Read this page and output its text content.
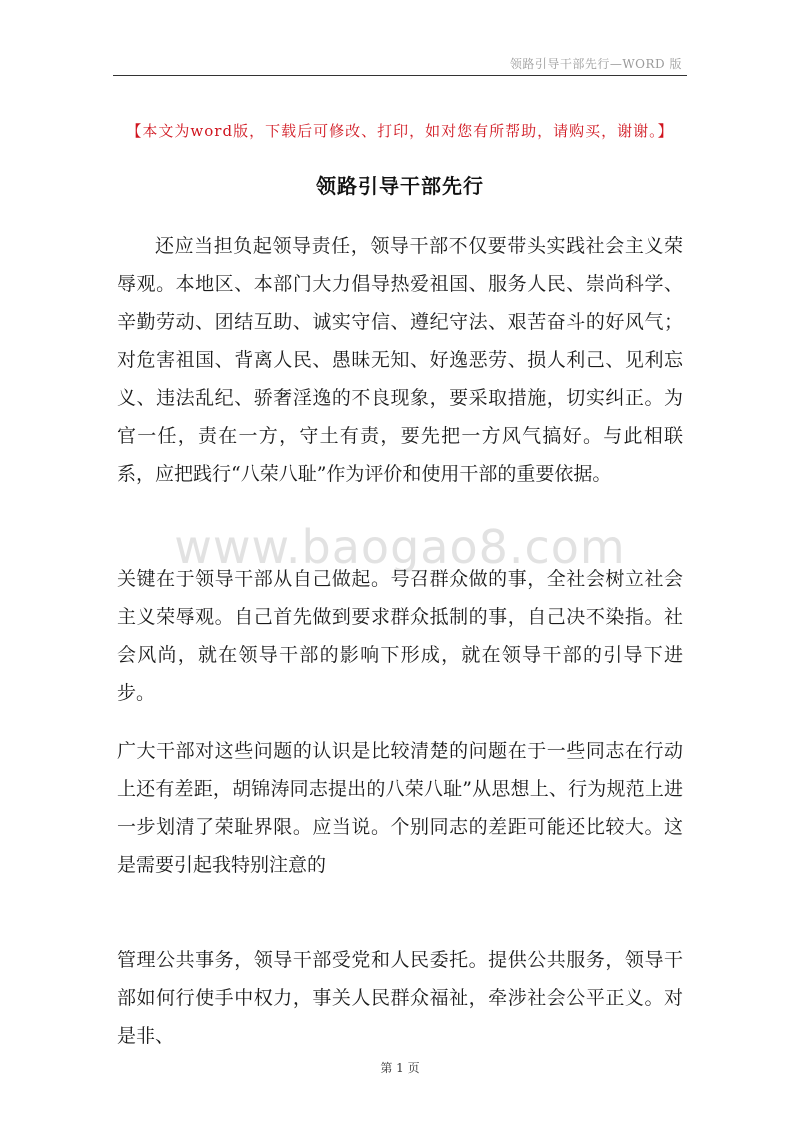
领路引导干部先行—WORD 版
【本文为word版，下载后可修改、打印，如对您有所帮助，请购买，谢谢。】
领路引导干部先行

还应当担负起领导责任，领导干部不仅要带头实践社会主义荣辱观。本地区、本部门大力倡导热爱祖国、服务人民、崇尚科学、辛勤劳动、团结互助、诚实守信、遵纪守法、艰苦奋斗的好风气；对危害祖国、背离人民、愚昧无知、好逸恶劳、损人利己、见利忘义、违法乱纪、骄奢淫逸的不良现象，要采取措施，切实纠正。为官一任，责在一方，守土有责，要先把一方风气搞好。与此相联系，应把践行“八荣八耻”作为评价和使用干部的重要依据。

www.baogao8.com

关键在于领导干部从自己做起。号召群众做的事，全社会树立社会主义荣辱观。自己首先做到要求群众抵制的事，自己决不染指。社会风尚，就在领导干部的影响下形成，就在领导干部的引导下进步。

广大干部对这些问题的认识是比较清楚的问题在于一些同志在行动上还有差距，胡锦涛同志提出的八荣八耻”从思想上、行为规范上进一步划清了荣耻界限。应当说。个别同志的差距可能还比较大。这是需要引起我特别注意的

管理公共事务，领导干部受党和人民委托。提供公共服务，领导干部如何行使手中权力，事关人民群众福祉，牵涉社会公平正义。对是非、

第 1 页
